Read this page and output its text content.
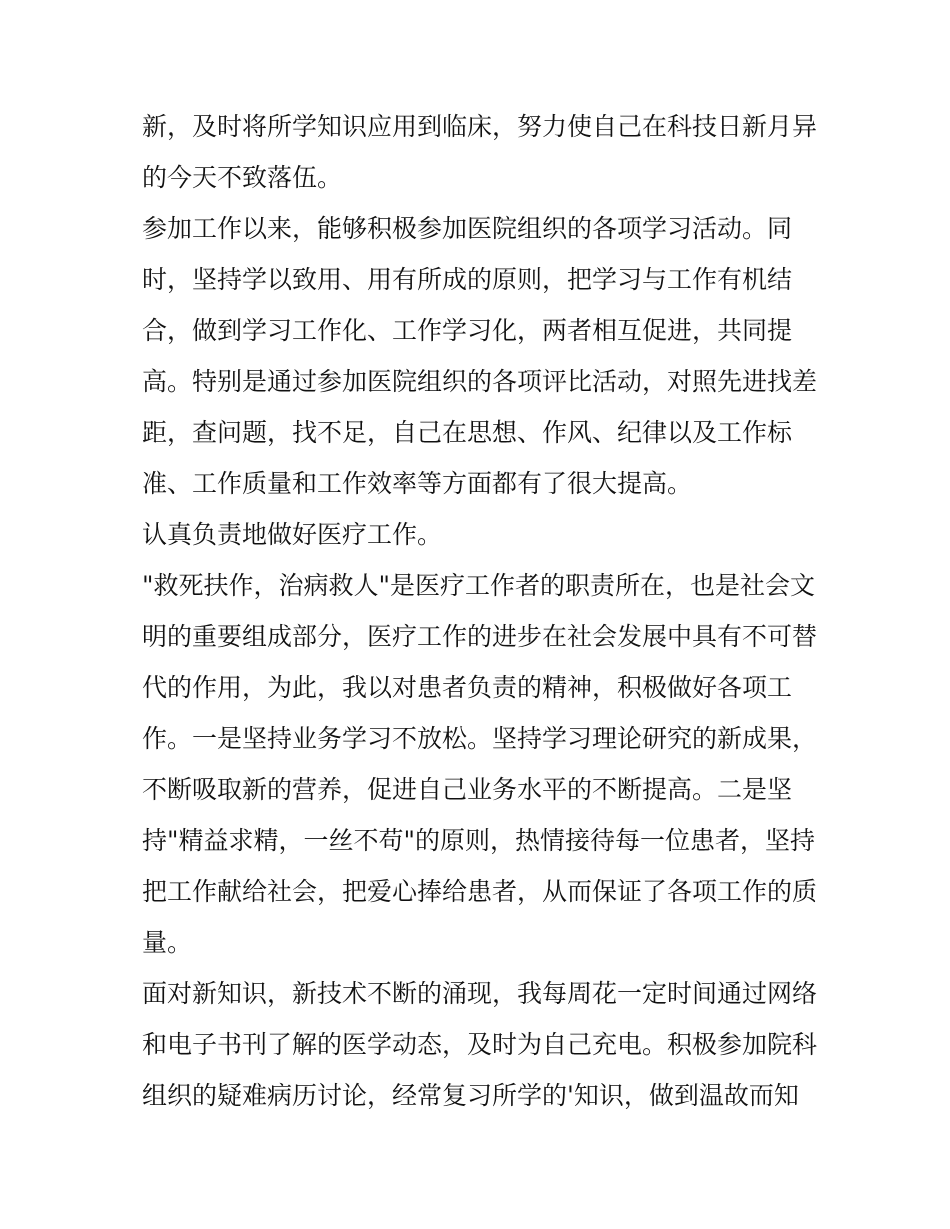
新，及时将所学知识应用到临床，努力使自己在科技日新月异
的今天不致落伍。
参加工作以来，能够积极参加医院组织的各项学习活动。同
时，坚持学以致用、用有所成的原则，把学习与工作有机结
合，做到学习工作化、工作学习化，两者相互促进，共同提
高。特别是通过参加医院组织的各项评比活动，对照先进找差
距，查问题，找不足，自己在思想、作风、纪律以及工作标
准、工作质量和工作效率等方面都有了很大提高。
认真负责地做好医疗工作。
"救死扶作，治病救人"是医疗工作者的职责所在，也是社会文
明的重要组成部分，医疗工作的进步在社会发展中具有不可替
代的作用，为此，我以对患者负责的精神，积极做好各项工
作。一是坚持业务学习不放松。坚持学习理论研究的新成果，
不断吸取新的营养，促进自己业务水平的不断提高。二是坚
持"精益求精，一丝不苟"的原则，热情接待每一位患者，坚持
把工作献给社会，把爱心捧给患者，从而保证了各项工作的质
量。
面对新知识，新技术不断的涌现，我每周花一定时间通过网络
和电子书刊了解的医学动态，及时为自己充电。积极参加院科
组织的疑难病历讨论，经常复习所学的'知识，做到温故而知
